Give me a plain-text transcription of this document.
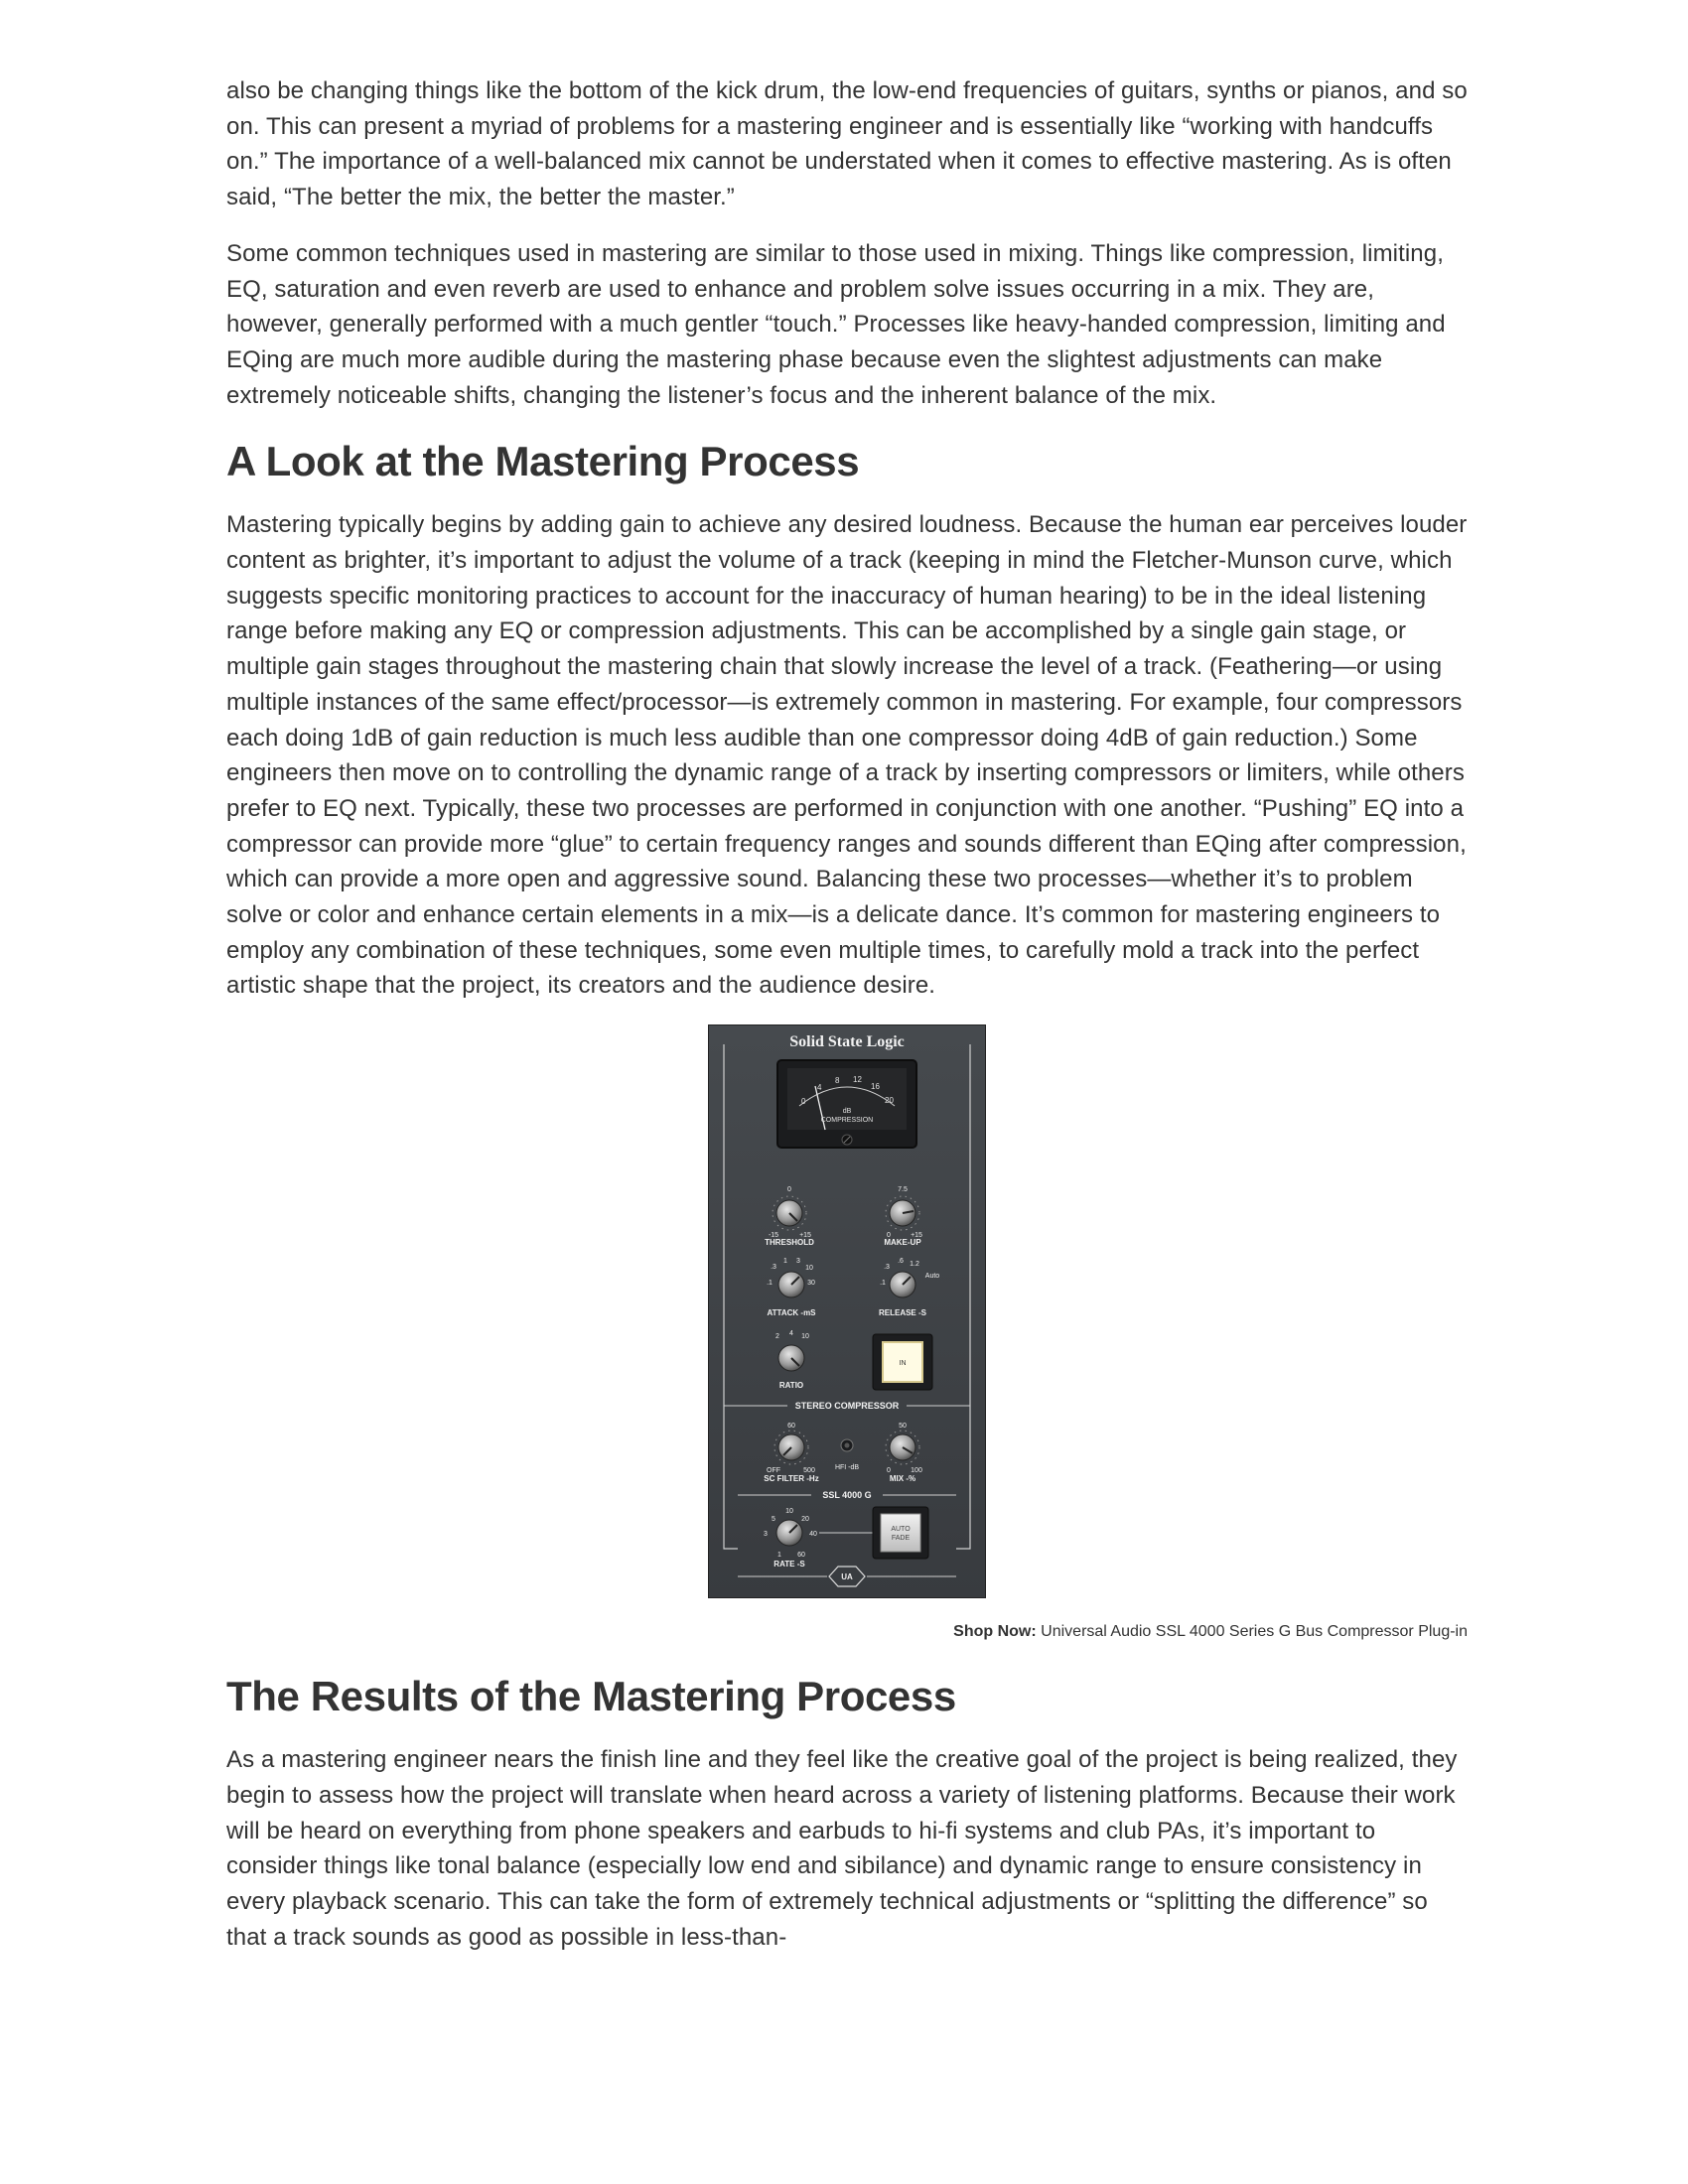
also be changing things like the bottom of the kick drum, the low-end frequencies of guitars, synths or pianos, and so on. This can present a myriad of problems for a mastering engineer and is essentially like “working with handcuffs on.” The importance of a well-balanced mix cannot be understated when it comes to effective mastering. As is often said, “The better the mix, the better the master.”

Some common techniques used in mastering are similar to those used in mixing. Things like compression, limiting, EQ, saturation and even reverb are used to enhance and problem solve issues occurring in a mix. They are, however, generally performed with a much gentler “touch.” Processes like heavy-handed compression, limiting and EQing are much more audible during the mastering phase because even the slightest adjustments can make extremely noticeable shifts, changing the listener’s focus and the inherent balance of the mix.

A Look at the Mastering Process

Mastering typically begins by adding gain to achieve any desired loudness. Because the human ear perceives louder content as brighter, it’s important to adjust the volume of a track (keeping in mind the Fletcher-Munson curve, which suggests specific monitoring practices to account for the inaccuracy of human hearing) to be in the ideal listening range before making any EQ or compression adjustments. This can be accomplished by a single gain stage, or multiple gain stages throughout the mastering chain that slowly increase the level of a track. (Feathering—or using multiple instances of the same effect/processor—is extremely common in mastering. For example, four compressors each doing 1dB of gain reduction is much less audible than one compressor doing 4dB of gain reduction.) Some engineers then move on to controlling the dynamic range of a track by inserting compressors or limiters, while others prefer to EQ next. Typically, these two processes are performed in conjunction with one another. “Pushing” EQ into a compressor can provide more “glue” to certain frequency ranges and sounds different than EQing after compression, which can provide a more open and aggressive sound. Balancing these two processes—whether it’s to problem solve or color and enhance certain elements in a mix—is a delicate dance. It’s common for mastering engineers to employ any combination of these techniques, some even multiple times, to carefully mold a track into the perfect artistic shape that the project, its creators and the audience desire.

Solid State Logic
0
4
8 12
16
20
dB
COMPRESSION
0
-15	+15
THRESHOLD
7.5
0	+15
MAKE-UP
.1
.3
1 3
10
30
ATTACK -mS
.1
.3
.6 1.2
Auto
RELEASE -S
2 4 10
RATIO
IN
STEREO COMPRESSOR
60
OFF	500
SC FILTER -Hz
HFI -dB
50
0	100
MIX -%
SSL 4000 G
3
5
10
20
40
1 60
RATE -S
AUTO
FADE
UA
Shop Now: Universal Audio SSL 4000 Series G Bus Compressor Plug-in
The Results of the Mastering Process

As a mastering engineer nears the finish line and they feel like the creative goal of the project is being realized, they begin to assess how the project will translate when heard across a variety of listening platforms. Because their work will be heard on everything from phone speakers and earbuds to hi-fi systems and club PAs, it’s important to consider things like tonal balance (especially low end and sibilance) and dynamic range to ensure consistency in every playback scenario. This can take the form of extremely technical adjustments or “splitting the difference” so that a track sounds as good as possible in less-than-
